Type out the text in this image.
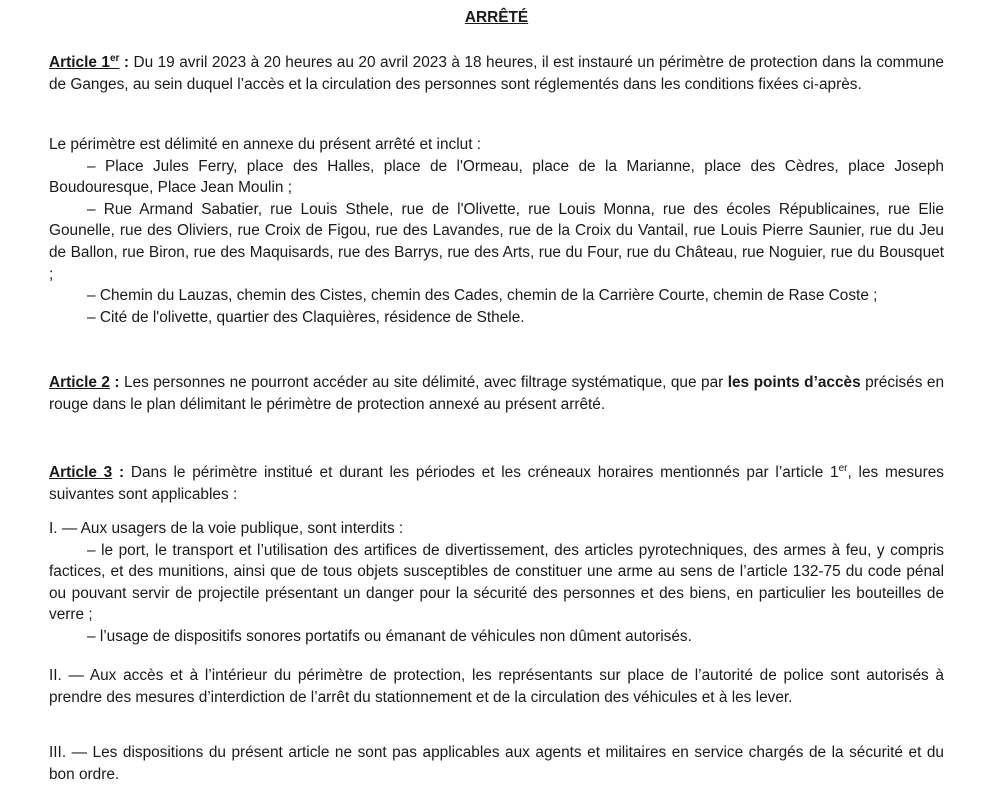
ARRÊTÉ

Article 1er : Du 19 avril 2023 à 20 heures au 20 avril 2023 à 18 heures, il est instauré un périmètre de protection dans la commune de Ganges, au sein duquel l’accès et la circulation des personnes sont réglementés dans les conditions fixées ci-après.

Le périmètre est délimité en annexe du présent arrêté et inclut :

– Place Jules Ferry, place des Halles, place de l'Ormeau, place de la Marianne, place des Cèdres, place Joseph Boudouresque, Place Jean Moulin ;

– Rue Armand Sabatier, rue Louis Sthele, rue de l'Olivette, rue Louis Monna, rue des écoles Républicaines, rue Elie Gounelle, rue des Oliviers, rue Croix de Figou, rue des Lavandes, rue de la Croix du Vantail, rue Louis Pierre Saunier, rue du Jeu de Ballon, rue Biron, rue des Maquisards, rue des Barrys, rue des Arts, rue du Four, rue du Château, rue Noguier, rue du Bousquet ;

– Chemin du Lauzas, chemin des Cistes, chemin des Cades, chemin de la Carrière Courte, chemin de Rase Coste ;

– Cité de l'olivette, quartier des Claquières, résidence de Sthele.

Article 2 : Les personnes ne pourront accéder au site délimité, avec filtrage systématique, que par les points d’accès précisés en rouge dans le plan délimitant le périmètre de protection annexé au présent arrêté.

Article 3 : Dans le périmètre institué et durant les périodes et les créneaux horaires mentionnés par l’article 1er, les mesures suivantes sont applicables :

I. — Aux usagers de la voie publique, sont interdits :

– le port, le transport et l’utilisation des artifices de divertissement, des articles pyrotechniques, des armes à feu, y compris factices, et des munitions, ainsi que de tous objets susceptibles de constituer une arme au sens de l’article 132-75 du code pénal ou pouvant servir de projectile présentant un danger pour la sécurité des personnes et des biens, en particulier les bouteilles de verre ;

– l’usage de dispositifs sonores portatifs ou émanant de véhicules non dûment autorisés.

II. — Aux accès et à l’intérieur du périmètre de protection, les représentants sur place de l’autorité de police sont autorisés à prendre des mesures d’interdiction de l’arrêt du stationnement et de la circulation des véhicules et à les lever.

III. — Les dispositions du présent article ne sont pas applicables aux agents et militaires en service chargés de la sécurité et du bon ordre.
